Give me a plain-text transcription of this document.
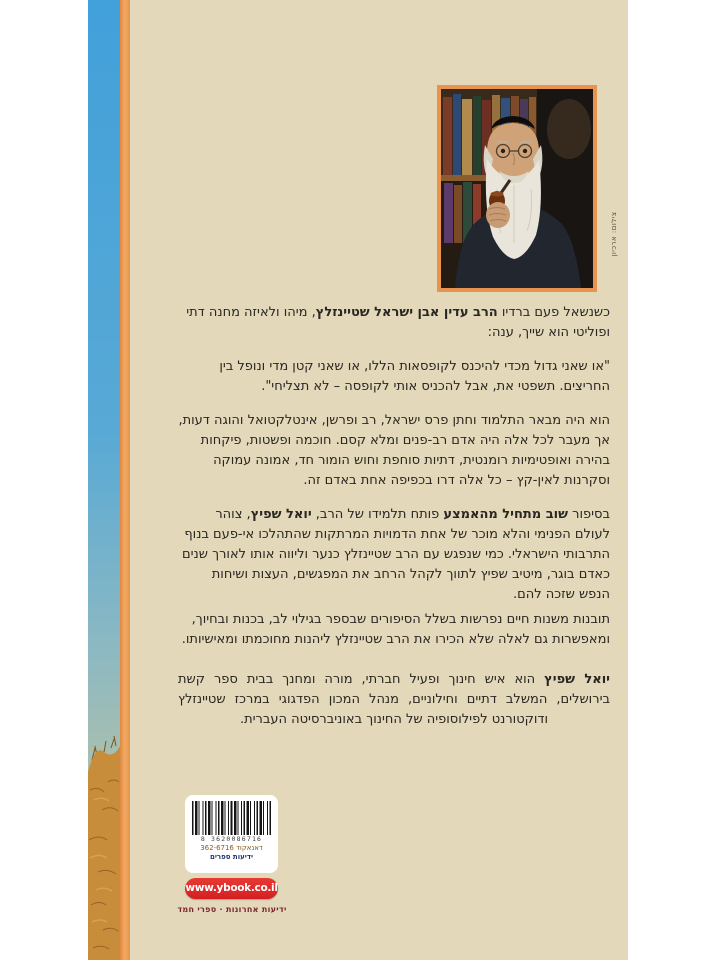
צילום: ארכיון

כשנשאל פעם ברדיו הרב עדין אבן ישראל שטיינזלץ, מיהו ולאיזה מחנה דתי ופוליטי הוא שייך, ענה:

"או שאני גדול מכדי להיכנס לקופסאות הללו, או שאני קטן מדי ונופל בין החריצים. תשפטי את, אבל להכניס אותי לקופסה – לא תצליחי".

הוא היה מבאר התלמוד וחתן פרס ישראל, רב ופרשן, אינטלקטואל והוגה דעות, אך מעבר לכל אלה היה אדם רב-פנים ומלא קסם. חוכמה ופשטות, פיקחות בהירה ואופטימיות רומנטית, דתיות סוחפת וחוש הומור חד, אמונה עמוקה וסקרנות לאין-קץ – כל אלה דרו בכפיפה אחת באדם זה.

בסיפור שוב מתחיל מהאמצע פותח תלמידו של הרב, יואל שפיץ, צוהר לעולם הפנימי והלא מוכר של אחת הדמויות המרתקות שהתהלכו אי-פעם בנוף התרבותי הישראלי. כמי שנפגש עם הרב שטיינזלץ כנער וליווה אותו לאורך שנים כאדם בוגר, מיטיב שפיץ לתווך לקהל הרחב את המפגשים, העצות ושיחות הנפש שזכה להם.

תובנות משנות חיים נפרשות בשלל הסיפורים שבספר בגילוי לב, בכנות ובחיוך, ומאפשרות גם לאלה שלא הכירו את הרב שטיינזלץ ליהנות מחוכמתו ומאישיותו.

יואל שפיץ הוא איש חינוך ופעיל חברתי, מורה ומחנך בבית ספר קשת בירושלים, המשלב דתיים וחילוניים, מנהל המכון הפדגוגי במרכז שטיינזלץ ודוקטורנט לפילוסופיה של החינוך באוניברסיטה העברית.

8 3620086716
דאנאקוד 362-6716
ידיעות ספרים
www.ybook.co.il
ידיעות אחרונות · ספרי חמד
